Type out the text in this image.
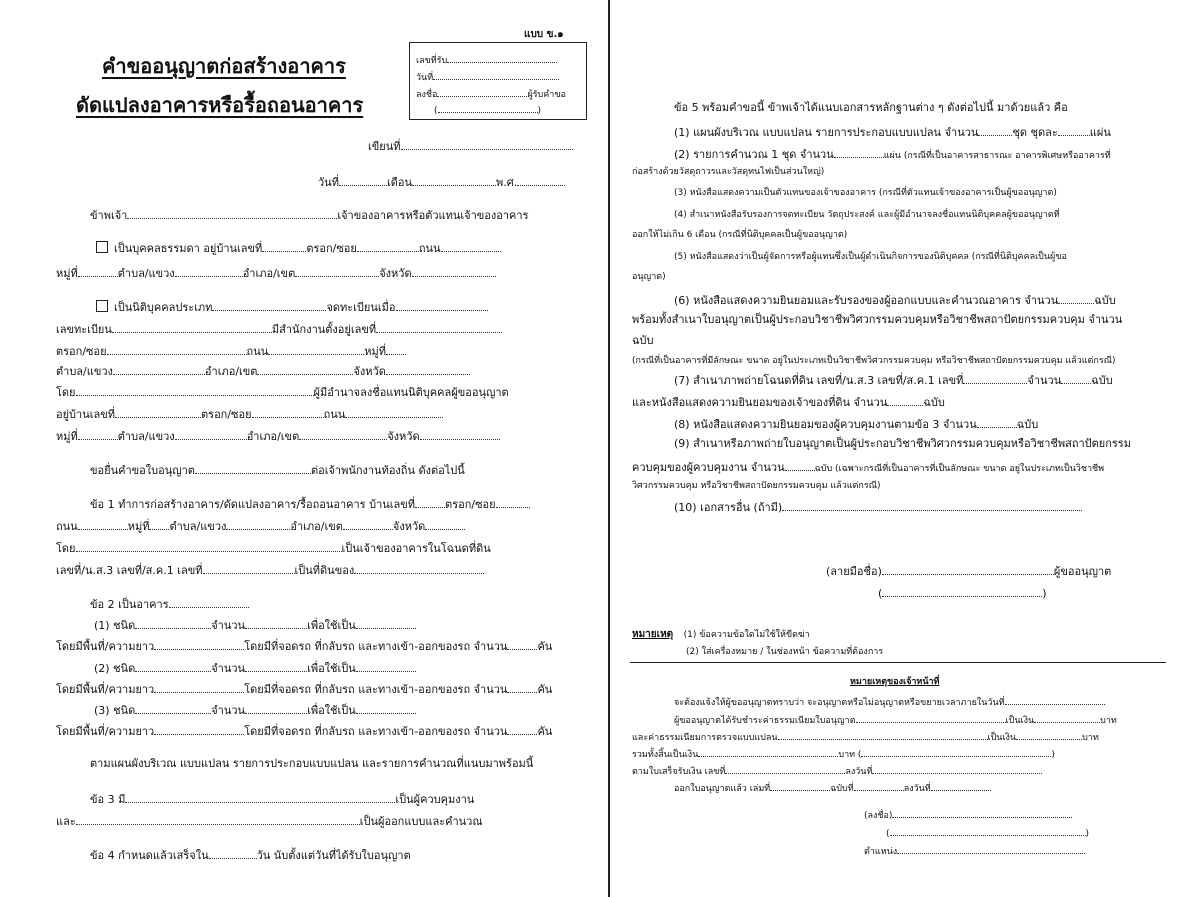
แบบ ข.๑
คำขออนุญาตก่อสร้างอาคาร
ดัดแปลงอาคารหรือรื้อถอนอาคาร
เลขที่รับ
วันที่
ลงชื่อ	ผู้รับคำขอ
(	)
เขียนที่
วันที่	เดือน	พ.ศ.
ข้าพเจ้า	เจ้าของอาคารหรือตัวแทนเจ้าของอาคาร
เป็นบุคคลธรรมดา อยู่บ้านเลขที่	ตรอก/ซอย	ถนน
หมู่ที่	ตำบล/แขวง	อำเภอ/เขต	จังหวัด
เป็นนิติบุคคลประเภท	จดทะเบียนเมื่อ
เลขทะเบียน	มีสำนักงานตั้งอยู่เลขที่
ตรอก/ซอย	ถนน	หมู่ที่
ตำบล/แขวง	อำเภอ/เขต	จังหวัด
โดย	ผู้มีอำนาจลงชื่อแทนนิติบุคคลผู้ขออนุญาต
อยู่บ้านเลขที่	ตรอก/ซอย	ถนน
หมู่ที่	ตำบล/แขวง	อำเภอ/เขต	จังหวัด
ขอยื่นคำขอใบอนุญาต	ต่อเจ้าพนักงานท้องถิ่น ดังต่อไปนี้
ข้อ 1 ทำการก่อสร้างอาคาร/ดัดแปลงอาคาร/รื้อถอนอาคาร บ้านเลขที่	ตรอก/ซอย
ถนน	หมู่ที่ ตำบล/แขวง	อำเภอ/เขต	จังหวัด
โดย	เป็นเจ้าของอาคารในโฉนดที่ดิน
เลขที่/น.ส.3 เลขที่/ส.ค.1 เลขที่	เป็นที่ดินของ
ข้อ 2 เป็นอาคาร
(1) ชนิด	จำนวน	เพื่อใช้เป็น
โดยมีพื้นที่/ความยาว	โดยมีที่จอดรถ ที่กลับรถ และทางเข้า-ออกของรถ จำนวน	คัน
(2) ชนิด	จำนวน	เพื่อใช้เป็น
โดยมีพื้นที่/ความยาว	โดยมีที่จอดรถ ที่กลับรถ และทางเข้า-ออกของรถ จำนวน	คัน
(3) ชนิด	จำนวน	เพื่อใช้เป็น
โดยมีพื้นที่/ความยาว	โดยมีที่จอดรถ ที่กลับรถ และทางเข้า-ออกของรถ จำนวน	คัน
ตามแผนผังบริเวณ แบบแปลน รายการประกอบแบบแปลน และรายการคำนวณที่แนบมาพร้อมนี้
ข้อ 3 มี	เป็นผู้ควบคุมงาน
และ	เป็นผู้ออกแบบและคำนวณ
ข้อ 4 กำหนดแล้วเสร็จใน	วัน นับตั้งแต่วันที่ได้รับใบอนุญาต
ข้อ 5 พร้อมคำขอนี้ ข้าพเจ้าได้แนบเอกสารหลักฐานต่าง ๆ ดังต่อไปนี้ มาด้วยแล้ว คือ
(1) แผนผังบริเวณ แบบแปลน รายการประกอบแบบแปลน จำนวน	ชุด ชุดละ	แผ่น
(2) รายการคำนวณ 1 ชุด จำนวน	แผ่น (กรณีที่เป็นอาคารสาธารณะ อาคารพิเศษหรืออาคารที่
ก่อสร้างด้วยวัสดุถาวรและวัสดุทนไฟเป็นส่วนใหญ่)
(3) หนังสือแสดงความเป็นตัวแทนของเจ้าของอาคาร (กรณีที่ตัวแทนเจ้าของอาคารเป็นผู้ขออนุญาต)
(4) สำเนาหนังสือรับรองการจดทะเบียน วัตถุประสงค์ และผู้มีอำนาจลงชื่อแทนนิติบุคคลผู้ขออนุญาตที่
ออกให้ไม่เกิน 6 เดือน (กรณีที่นิติบุคคลเป็นผู้ขออนุญาต)
(5) หนังสือแสดงว่าเป็นผู้จัดการหรือผู้แทนซึ่งเป็นผู้ดำเนินกิจการของนิติบุคคล (กรณีที่นิติบุคคลเป็นผู้ขอ
อนุญาต)
(6) หนังสือแสดงความยินยอมและรับรองของผู้ออกแบบและคำนวณอาคาร จำนวน	ฉบับ
พร้อมทั้งสำเนาใบอนุญาตเป็นผู้ประกอบวิชาชีพวิศวกรรมควบคุมหรือวิชาชีพสถาปัตยกรรมควบคุม จำนวน
ฉบับ
(กรณีที่เป็นอาคารที่มีลักษณะ ขนาด อยู่ในประเภทเป็นวิชาชีพวิศวกรรมควบคุม หรือวิชาชีพสถาปัตยกรรมควบคุม แล้วแต่กรณี)
(7) สำเนาภาพถ่ายโฉนดที่ดิน เลขที่/น.ส.3 เลขที่/ส.ค.1 เลขที่	จำนวน	ฉบับ
และหนังสือแสดงความยินยอมของเจ้าของที่ดิน จำนวน	ฉบับ
(8) หนังสือแสดงความยินยอมของผู้ควบคุมงานตามข้อ 3 จำนวน	ฉบับ
(9) สำเนาหรือภาพถ่ายใบอนุญาตเป็นผู้ประกอบวิชาชีพวิศวกรรมควบคุมหรือวิชาชีพสถาปัตยกรรม
ควบคุมของผู้ควบคุมงาน จำนวน	ฉบับ (เฉพาะกรณีที่เป็นอาคารที่เป็นลักษณะ ขนาด อยู่ในประเภทเป็นวิชาชีพ
วิศวกรรมควบคุม หรือวิชาชีพสถาปัตยกรรมควบคุม แล้วแต่กรณี)
(10) เอกสารอื่น (ถ้ามี)
(ลายมือชื่อ)	ผู้ขออนุญาต
(	)
หมายเหตุ (1) ข้อความข้อใดไม่ใช้ให้ขีดฆ่า
(2) ใส่เครื่องหมาย / ในช่องหน้า ข้อความที่ต้องการ
หมายเหตุของเจ้าหน้าที่
จะต้องแจ้งให้ผู้ขออนุญาตทราบว่า จะอนุญาตหรือไม่อนุญาตหรือขยายเวลาภายในวันที่
ผู้ขออนุญาตได้รับชำระค่าธรรมเนียมใบอนุญาต	เป็นเงิน	บาท
และค่าธรรมเนียมการตรวจแบบแปลน	เป็นเงิน	บาท
รวมทั้งสิ้นเป็นเงิน	บาท (	)
ตามใบเสร็จรับเงิน เลขที่	ลงวันที่
ออกใบอนุญาตแล้ว เล่มที่	ฉบับที่	ลงวันที่
(ลงชื่อ)
(	)
ตำแหน่ง
